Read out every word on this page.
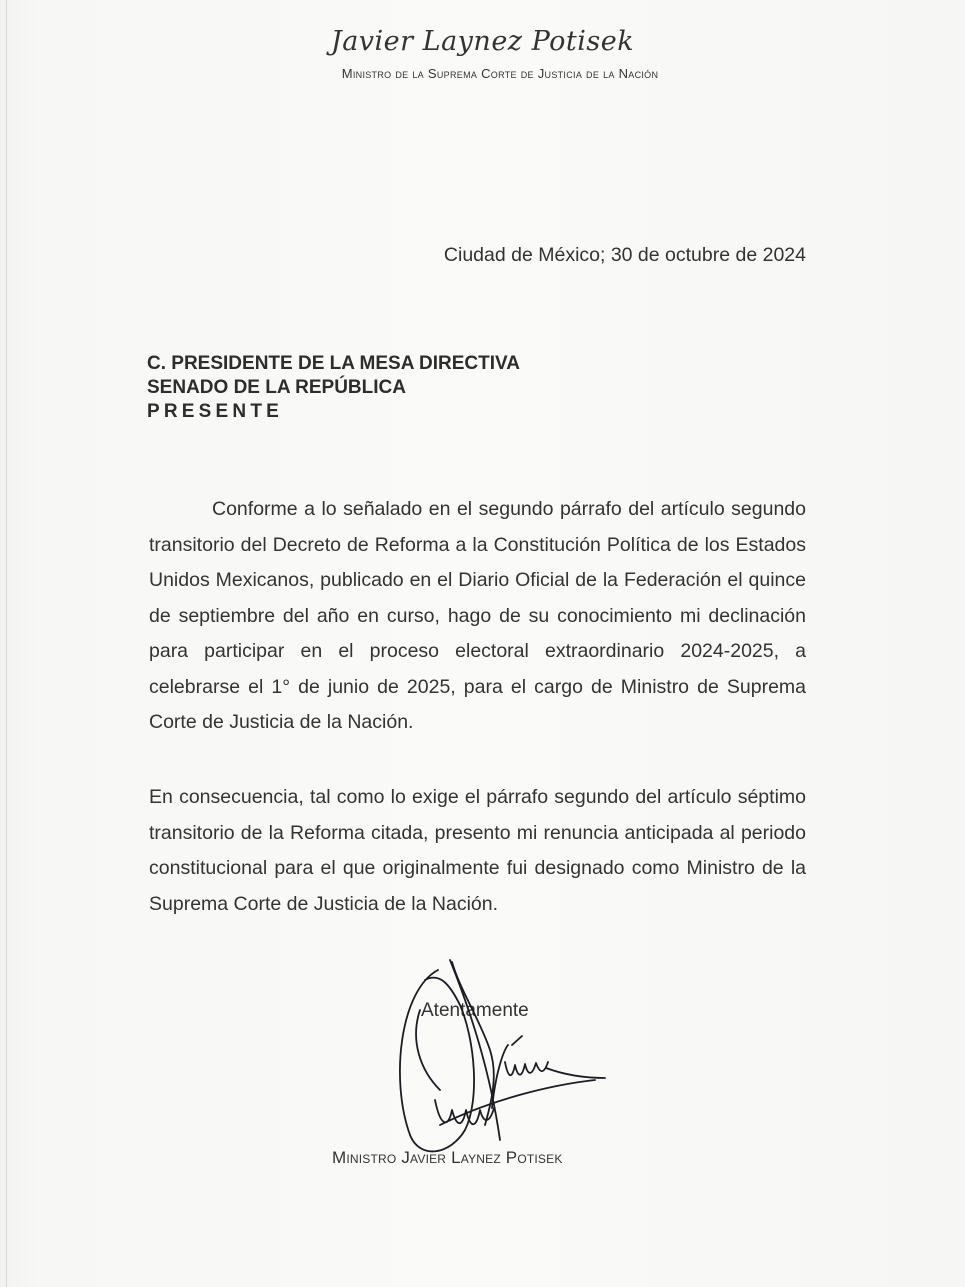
Javier Laynez Potisek
Ministro de la Suprema Corte de Justicia de la Nación
Ciudad de México; 30 de octubre de 2024
C. PRESIDENTE DE LA MESA DIRECTIVA
SENADO DE LA REPÚBLICA
PRESENTE

Conforme a lo señalado en el segundo párrafo del artículo segundo transitorio del Decreto de Reforma a la Constitución Política de los Estados Unidos Mexicanos, publicado en el Diario Oficial de la Federación el quince de septiembre del año en curso, hago de su conocimiento mi declinación para participar en el proceso electoral extraordinario 2024-2025, a celebrarse el 1° de junio de 2025, para el cargo de Ministro de Suprema Corte de Justicia de la Nación.

En consecuencia, tal como lo exige el párrafo segundo del artículo séptimo transitorio de la Reforma citada, presento mi renuncia anticipada al periodo constitucional para el que originalmente fui designado como Ministro de la Suprema Corte de Justicia de la Nación.

Atentamente
Ministro Javier Laynez Potisek
